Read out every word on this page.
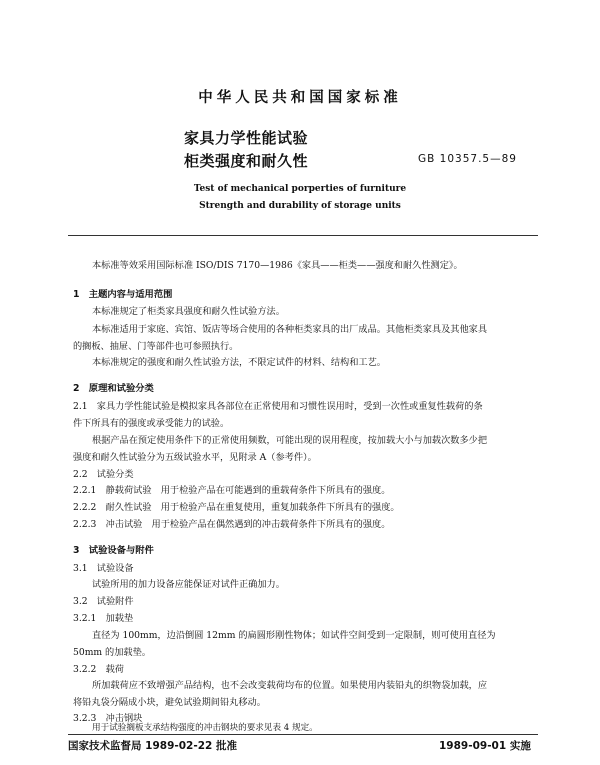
中华人民共和国国家标准
家具力学性能试验
柜类强度和耐久性	GB 10357.5—89
Test of mechanical porperties of furniture
Strength and durability of storage units
本标准等效采用国际标准 ISO/DIS 7170—1986《家具——柜类——强度和耐久性测定》。
1　主题内容与适用范围
本标准规定了柜类家具强度和耐久性试验方法。
本标准适用于家庭、宾馆、饭店等场合使用的各种柜类家具的出厂成品。其他柜类家具及其他家具
的搁板、抽屉、门等部件也可参照执行。
本标准规定的强度和耐久性试验方法，不限定试件的材料、结构和工艺。
2　原理和试验分类
2.1　家具力学性能试验是模拟家具各部位在正常使用和习惯性误用时，受到一次性或重复性载荷的条
件下所具有的强度或承受能力的试验。
根据产品在预定使用条件下的正常使用频数，可能出现的误用程度，按加载大小与加载次数多少把
强度和耐久性试验分为五级试验水平，见附录 A（参考件）。
2.2　试验分类
2.2.1　静载荷试验　用于检验产品在可能遇到的重载荷条件下所具有的强度。
2.2.2　耐久性试验　用于检验产品在重复使用，重复加载条件下所具有的强度。
2.2.3　冲击试验　用于检验产品在偶然遇到的冲击载荷条件下所具有的强度。
3　试验设备与附件
3.1　试验设备
试验所用的加力设备应能保证对试件正确加力。
3.2　试验附件
3.2.1　加载垫
直径为 100mm，边沿倒圆 12mm 的扁圆形刚性物体；如试件空间受到一定限制，则可使用直径为
50mm 的加载垫。
3.2.2　载荷
所加载荷应不致增强产品结构，也不会改变载荷均布的位置。如果使用内装铅丸的织物袋加载，应
将铅丸袋分隔成小块，避免试验期间铅丸移动。
3.2.3　冲击钢块
用于试验搁板支承结构强度的冲击钢块的要求见表 4 规定。
国家技术监督局 1989-02-22 批准	1989-09-01 实施
